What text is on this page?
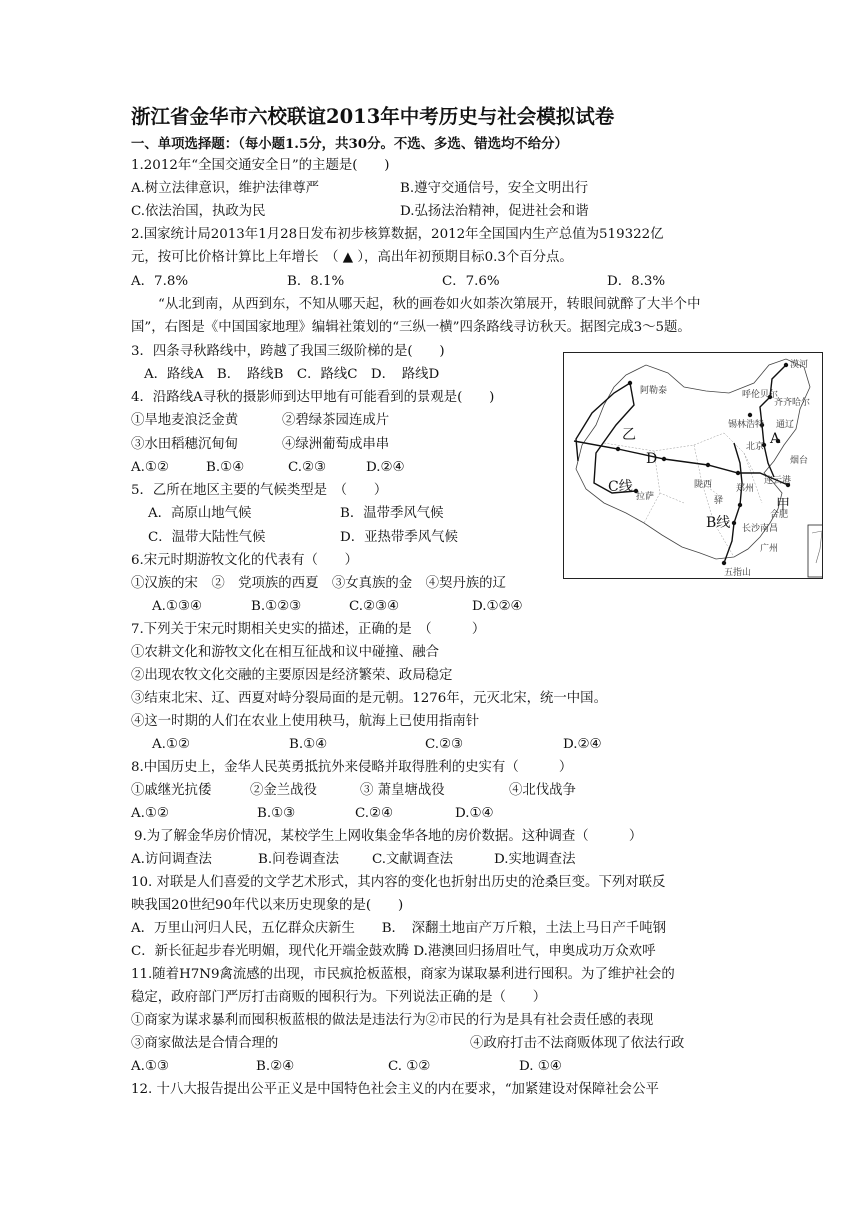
浙江省金华市六校联谊2013年中考历史与社会模拟试卷
一、单项选择题：（每小题1.5分，共30分。不选、多选、错选均不给分）
1.2012年“全国交通安全日”的主题是(　　)
A.树立法律意识，维护法律尊严	B.遵守交通信号，安全文明出行
C.依法治国，执政为民	D.弘扬法治精神，促进社会和谐
2.国家统计局2013年1月28日发布初步核算数据，2012年全国国内生产总值为519322亿
元，按可比价格计算比上年增长　（ ▲ ），高出年初预期目标0.3个百分点。
A．7.8%	B．8.1%	C．7.6%	D．8.3%
“从北到南，从西到东，不知从哪天起，秋的画卷如火如荼次第展开，转眼间就醉了大半个中
国”，右图是《中国国家地理》编辑社策划的“三纵一横”四条路线寻访秋天。据图完成3～5题。
3．四条寻秋路线中，跨越了我国三级阶梯的是(　　)
A．路线A　B．　路线B　C．路线C　D．　路线D
4．沿路线A寻秋的摄影师到达甲地有可能看到的景观是(　　)
①旱地麦浪泛金黄	②碧绿茶园连成片
③水田稻穗沉甸甸	④绿洲葡萄成串串
A.①②	B.①④	C.②③	D.②④
5．乙所在地区主要的气候类型是　（　　）
A．高原山地气候	B．温带季风气候
C．温带大陆性气候	D．亚热带季风气候
6.宋元时期游牧文化的代表有（　　）
①汉族的宋　②　党项族的西夏　③女真族的金　④契丹族的辽
A.①③④	B.①②③	C.②③④	D.①②④
7.下列关于宋元时期相关史实的描述，正确的是　（　　　）
①农耕文化和游牧文化在相互征战和议中碰撞、融合
②出现农牧文化交融的主要原因是经济繁荣、政局稳定
③结束北宋、辽、西夏对峙分裂局面的是元朝。1276年，元灭北宋，统一中国。
④这一时期的人们在农业上使用秧马，航海上已使用指南针
A.①②	B.①④	C.②③	D.②④
8.中国历史上，金华人民英勇抵抗外来侵略并取得胜利的史实有（　　　）
①戚继光抗倭	②金兰战役	③ 萧皇塘战役	④北伐战争
A.①②	B.①③	C.②④	D.①④
9.为了解金华房价情况，某校学生上网收集金华各地的房价数据。这种调查（　　　）
A.访问调查法	B.问卷调查法 C.文献调查法	D.实地调查法
10. 对联是人们喜爱的文学艺术形式，其内容的变化也折射出历史的沧桑巨变。下列对联反
映我国20世纪90年代以来历史现象的是(　　)
A．万里山河归人民，五亿群众庆新生　　B．　深翻土地亩产万斤粮，土法上马日产千吨钢
C．新长征起步春光明媚，现代化开端金鼓欢腾 D.港澳回归扬眉吐气，申奥成功万众欢呼
11.随着H7N9禽流感的出现，市民疯抢板蓝根，商家为谋取暴利进行囤积。为了维护社会的
稳定，政府部门严厉打击商贩的囤积行为。下列说法正确的是（　　）
①商家为谋求暴利而囤积板蓝根的做法是违法行为②市民的行为是具有社会责任感的表现
③商家做法是合情合理的	④政府打击不法商贩体现了依法行政
A.①③	B.②④	C. ①②	D. ①④
12. 十八大报告提出公平正义是中国特色社会主义的内在要求，“加紧建设对保障社会公平
漠河
阿勒泰	呼伦贝尔
齐齐哈尔
锡林浩特 通辽
北京
烟台
连云港
郑州
陇西
驿
合肥
南昌
长沙
广州
拉萨
五指山
A
B线
C线
D
乙
甲
